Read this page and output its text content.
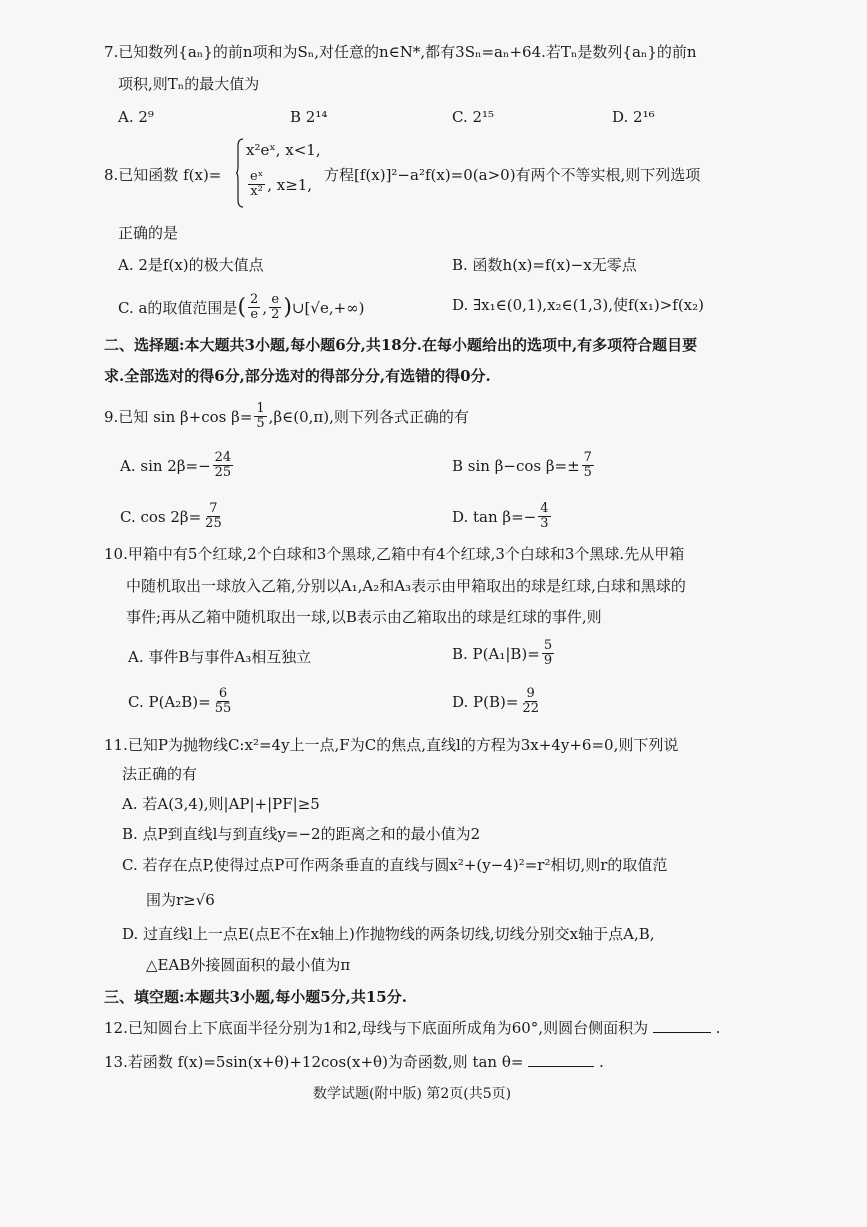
7.已知数列{aₙ}的前n项和为Sₙ,对任意的n∈N*,都有3Sₙ=aₙ+64.若Tₙ是数列{aₙ}的前n
项积,则Tₙ的最大值为
A. 2⁹	B 2¹⁴	C. 2¹⁵	D. 2¹⁶
8.已知函数 f(x)=
x²eˣ, x<1,
$\frac{\text{eˣ}}{\text{x²}}$ , x≥1,
方程[f(x)]²−a²f(x)=0(a>0)有两个不等实根,则下列选项
正确的是
A. 2是f(x)的极大值点	B. 函数h(x)=f(x)−x无零点
C. a的取值范围是 ( $\frac{2}{e}$ , $\frac{e}{2}$ ) ∪[√e,+∞)	D. ∃x₁∈(0,1),x₂∈(1,3),使f(x₁)>f(x₂)
二、选择题:本大题共3小题,每小题6分,共18分.在每小题给出的选项中,有多项符合题目要
求.全部选对的得6分,部分选对的得部分分,有选错的得0分.
9.已知 sin β+cos $\beta= \frac{1}{5}$ ,β∈(0,π),则下列各式正确的有
A. $\sin 2\beta=- \frac{24}{25}$	B sin β−cos $\beta=\pm \frac{7}{5}$
C. $\cos 2\beta= \frac{7}{25}$	D. $\tan \beta=- \frac{4}{3}$
10.甲箱中有5个红球,2个白球和3个黑球,乙箱中有4个红球,3个白球和3个黑球.先从甲箱
中随机取出一球放入乙箱,分别以A₁,A₂和A₃表示由甲箱取出的球是红球,白球和黑球的
事件;再从乙箱中随机取出一球,以B表示由乙箱取出的球是红球的事件,则
A. 事件B与事件A₃相互独立	B. $P(A_1|B)= \frac{5}{9}$
C. $P(A_2B)= \frac{6}{55}$	D. $P(B)= \frac{9}{22}$
11.已知P为抛物线C:x²=4y上一点,F为C的焦点,直线l的方程为3x+4y+6=0,则下列说
法正确的有
A. 若A(3,4),则|AP|+|PF|≥5
B. 点P到直线l与到直线y=−2的距离之和的最小值为2
C. 若存在点P,使得过点P可作两条垂直的直线与圆x²+(y−4)²=r²相切,则r的取值范
围为r≥√6
D. 过直线l上一点E(点E不在x轴上)作抛物线的两条切线,切线分别交x轴于点A,B,
△EAB外接圆面积的最小值为π
三、填空题:本题共3小题,每小题5分,共15分.
12.已知圆台上下底面半径分别为1和2,母线与下底面所成角为60°,则圆台侧面积为	.
13.若函数 f(x)=5sin(x+θ)+12cos(x+θ)为奇函数,则 tan θ=	.
数学试题(附中版) 第2页(共5页)
